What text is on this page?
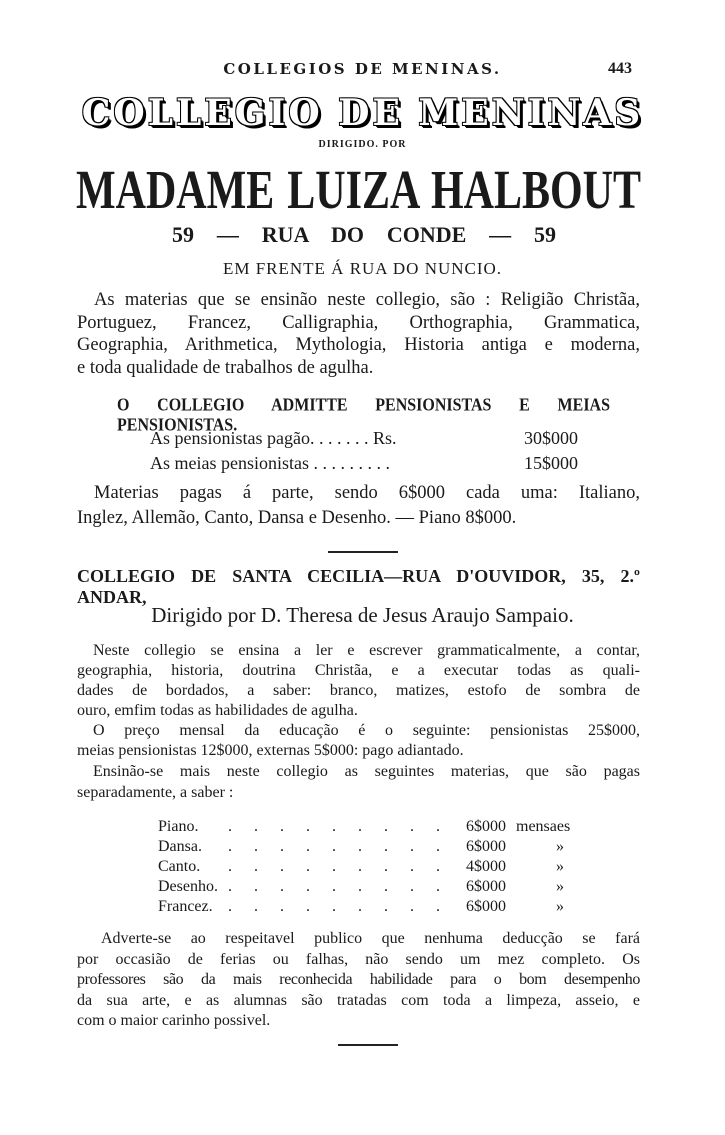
COLLEGIOS DE MENINAS.	443
COLLEGIO DE MENINAS
DIRIGIDO. POR
MADAME LUIZA HALBOUT
59 — RUA DO CONDE — 59
EM FRENTE Á RUA DO NUNCIO.
As materias que se ensinão neste collegio, são : Religião Christãa,
Portuguez, Francez, Calligraphia, Orthographia, Grammatica,
Geographia, Arithmetica, Mythologia, Historia antiga e moderna,
e toda qualidade de trabalhos de agulha.
O COLLEGIO ADMITTE PENSIONISTAS E MEIAS PENSIONISTAS.
As pensionistas pagão. . . . . . . Rs.	30$000
As meias pensionistas . . . . . . . . .	15$000
Materias pagas á parte, sendo 6$000 cada uma: Italiano,
Inglez, Allemão, Canto, Dansa e Desenho. — Piano 8$000.
COLLEGIO DE SANTA CECILIA—RUA D'OUVIDOR, 35, 2.º ANDAR,
Dirigido por D. Theresa de Jesus Araujo Sampaio.
Neste collegio se ensina a ler e escrever grammaticalmente, a contar,
geographia, historia, doutrina Christãa, e a executar todas as quali-
dades de bordados, a saber: branco, matizes, estofo de sombra de
ouro, emfim todas as habilidades de agulha.
O preço mensal da educação é o seguinte: pensionistas 25$000,
meias pensionistas 12$000, externas 5$000: pago adiantado.
Ensinão-se mais neste collegio as seguintes materias, que são pagas
separadamente, a saber :
Piano. . . . . . . . . . 6$000 mensaes
Dansa. . . . . . . . . . 6$000	»
Canto. . . . . . . . . . 4$000	»
Desenho. . . . . . . . . . 6$000	»
Francez. . . . . . . . . . 6$000	»
Adverte-se ao respeitavel publico que nenhuma deducção se fará
por occasião de ferias ou falhas, não sendo um mez completo. Os
professores são da mais reconhecida habilidade para o bom desempenho
da sua arte, e as alumnas são tratadas com toda a limpeza, asseio, e
com o maior carinho possivel.
